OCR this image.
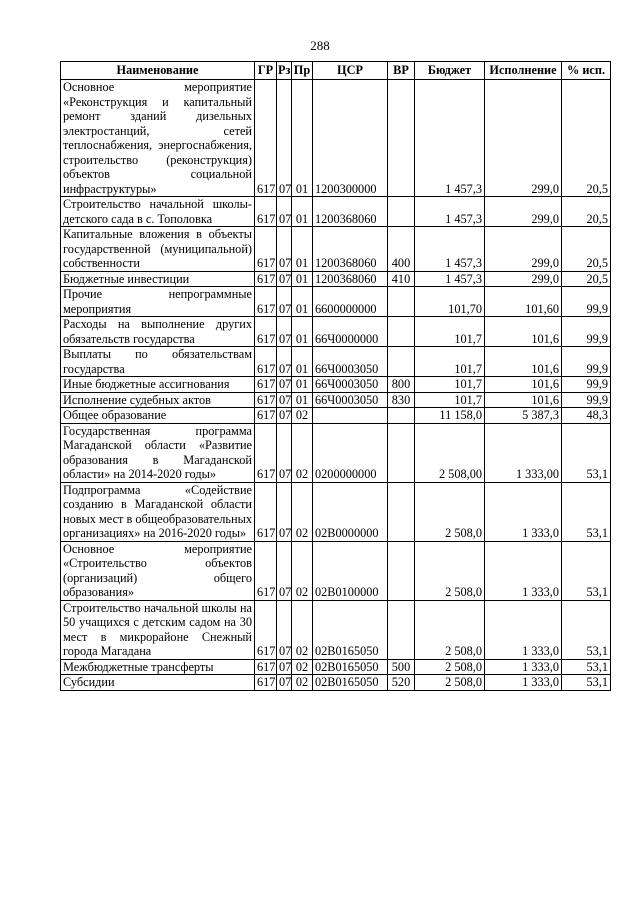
288
Наименование	ГР	Рз	Пр	ЦСР	ВР	Бюджет	Исполнение	% исп.
Основное мероприятие «Реконструкция и капитальный ремонт зданий дизельных электростанций, сетей теплоснабжения, энергоснабжения, строительство (реконструкция) объектов социальной инфраструктуры»	617	07	01	1200300000		1 457,3	299,0	20,5
Строительство начальной школы-детского сада в с. Тополовка	617	07	01	1200368060		1 457,3	299,0	20,5
Капитальные вложения в объекты государственной (муниципальной) собственности	617	07	01	1200368060	400	1 457,3	299,0	20,5
Бюджетные инвестиции	617	07	01	1200368060	410	1 457,3	299,0	20,5
Прочие непрограммные мероприятия	617	07	01	6600000000		101,70	101,60	99,9
Расходы на выполнение других обязательств государства	617	07	01	66Ч0000000		101,7	101,6	99,9
Выплаты по обязательствам государства	617	07	01	66Ч0003050		101,7	101,6	99,9
Иные бюджетные ассигнования	617	07	01	66Ч0003050	800	101,7	101,6	99,9
Исполнение судебных актов	617	07	01	66Ч0003050	830	101,7	101,6	99,9
Общее образование	617	07	02			11 158,0	5 387,3	48,3
Государственная программа Магаданской области «Развитие образования в Магаданской области» на 2014-2020 годы»	617	07	02	0200000000		2 508,00	1 333,00	53,1
Подпрограмма «Содействие созданию в Магаданской области новых мест в общеобразовательных организациях» на 2016-2020 годы»	617	07	02	02В0000000		2 508,0	1 333,0	53,1
Основное мероприятие «Строительство объектов (организаций) общего образования»	617	07	02	02В0100000		2 508,0	1 333,0	53,1
Строительство начальной школы на 50 учащихся с детским садом на 30 мест в микрорайоне Снежный города Магадана	617	07	02	02В0165050		2 508,0	1 333,0	53,1
Межбюджетные трансферты	617	07	02	02В0165050	500	2 508,0	1 333,0	53,1
Субсидии	617	07	02	02В0165050	520	2 508,0	1 333,0	53,1
